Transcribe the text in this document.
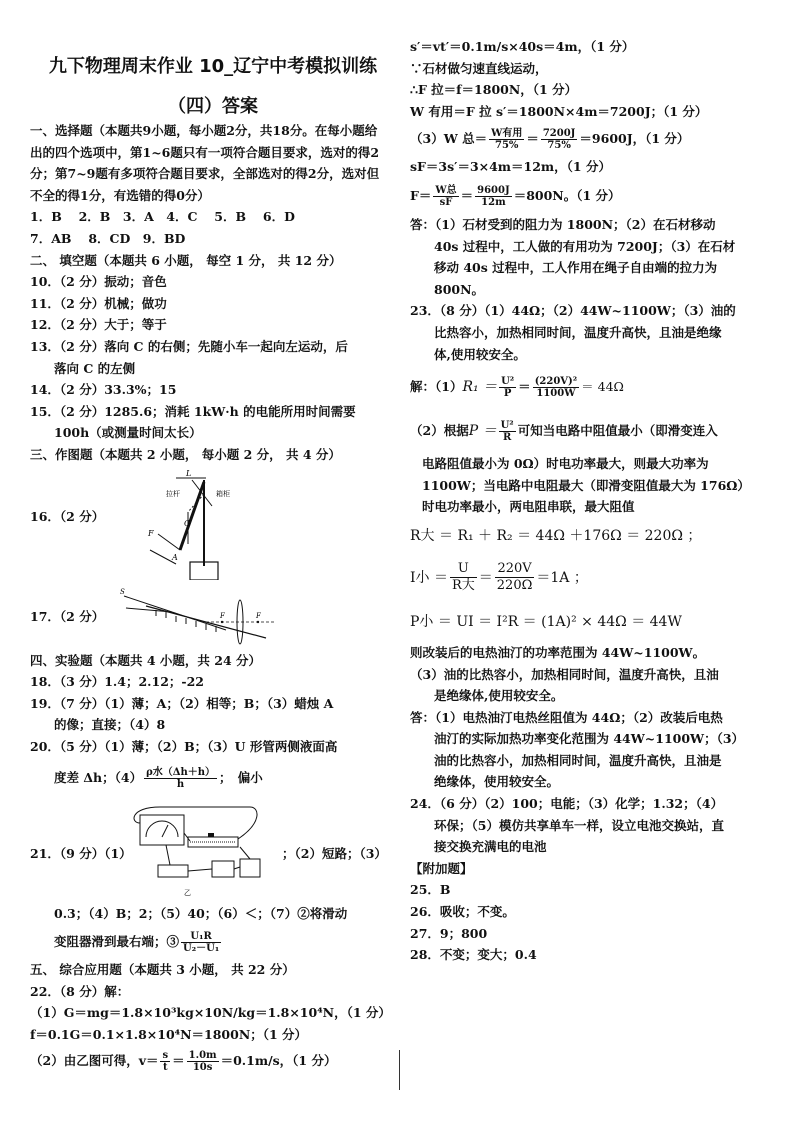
九下物理周末作业 10_辽宁中考模拟训练
（四）答案
一、选择题（本题共9小题，每小题2分，共18分。在每小题给出的四个选项中，第1~6题只有一项符合题目要求，选对的得2分；第7~9题有多项符合题目要求，全部选对的得2分，选对但不全的得1分，有选错的得0分）
1．B　 2．B　3．A　4．C　 5．B　 6．D
7．AB　 8．CD　9．BD
二、 填空题（本题共 6 小题， 每空 1 分， 共 12 分）
10．（2 分）振动；音色
11．（2 分）机械；做功
12．（2 分）大于；等于
13．（2 分）落向 C 的右侧；先随小车一起向左运动，后
落向 C 的左侧
14．（2 分）33.3%；15
15．（2 分）1285.6；消耗 1kW·h 的电能所用时间需要
100h（或测量时间太长）
三、作图题（本题共 2 小题， 每小题 2 分， 共 4 分）
16．（2 分）
L
F
G
A
拉杆	箱柜
17．（2 分）
S
F	F
四、实验题（本题共 4 小题，共 24 分）
18．（3 分）1.4；2.12；-22
19．（7 分）（1）薄；A；（2）相等；B；（3）蜡烛 A
的像；直接；（4）8
20．（5 分）（1）薄；（2）B；（3）U 形管两侧液面高
度差 Δh；$(4) \frac{\text{ρ水（Δh＋h）}}{h}$ ；　偏小
21．（9 分）（1）
乙
；（2）短路；（3）
0.3；（4）B；2；（5）40；（6）＜；（7）②将滑动
变阻器滑到最右端；③ $\frac{\text{U₁R}}{\text{U₂－U₁}}$
五、 综合应用题（本题共 3 小题， 共 22 分）
22．（8 分）解：
（1）G＝mg＝1.8×10³kg×10N/kg＝1.8×10⁴N，（1 分）
f＝0.1G＝0.1×1.8×10⁴N＝1800N；（1 分）
（2）由乙图可得，$v= \frac{s}{t} = \frac{1.0m}{10s} =0.1m/s$，（1 分）
s′＝vt′＝0.1m/s×40s＝4m，（1 分）
∵石材做匀速直线运动，
∴F 拉＝f＝1800N，（1 分）
W 有用＝F 拉 s′＝1800N×4m＝7200J；（1 分）
（3）W 总＝ $\frac{\text{W有用}}{75\%} = \frac{7200J}{75\%} =9600J$，（1 分）
sF＝3s′＝3×4m＝12m，（1 分）
$F= \frac{\text{W总}}{sF} = \frac{9600J}{12m} =800N$。（1 分）
答：（1）石材受到的阻力为 1800N；（2）在石材移动
40s 过程中，工人做的有用功为 7200J；（3）在石材
移动 40s 过程中，工人作用在绳子自由端的拉力为
800N。
23．（8 分）（1）44Ω；（2）44W~1100W；（3）油的
比热容小，加热相同时间，温度升高快，且油是绝缘
体,使用较安全。
解：$(1)R_1 = \frac{\text{U²}}{P} = \frac{\text{(220V)²}}{1100W} = 44\Omega$
（2）根据$P = \frac{\text{U²}}{R}$ 可知当电路中阻值最小（即滑变连入
电路阻值最小为 0Ω）时电功率最大，则最大功率为
1100W；当电路中电阻最大（即滑变阻值最大为 176Ω）
时电功率最小，两电阻串联，最大阻值
R大 ＝ R₁ ＋ R₂ ＝ 44Ω ＋176Ω ＝ 220Ω ；
I小 ＝ $\frac{U}{\text{R大}} = \frac{220V}{220\Omega} =1A$ ；
P小 ＝ UI ＝ I²R ＝ (1A)² × 44Ω ＝ 44W
则改装后的电热油汀的功率范围为 44W~1100W。
（3）油的比热容小，加热相同时间，温度升高快，且油
是绝缘体,使用较安全。
答：（1）电热油汀电热丝阻值为 44Ω；（2）改装后电热
油汀的实际加热功率变化范围为 44W~1100W；（3）
油的比热容小，加热相同时间，温度升高快，且油是
绝缘体，使用较安全。
24．（6 分）（2）100；电能；（3）化学；1.32；（4）
环保；（5）模仿共享单车一样，设立电池交换站，直
接交换充满电的电池
【附加题】
25．B
26．吸收；不变。
27．9；800
28．不变；变大；0.4
